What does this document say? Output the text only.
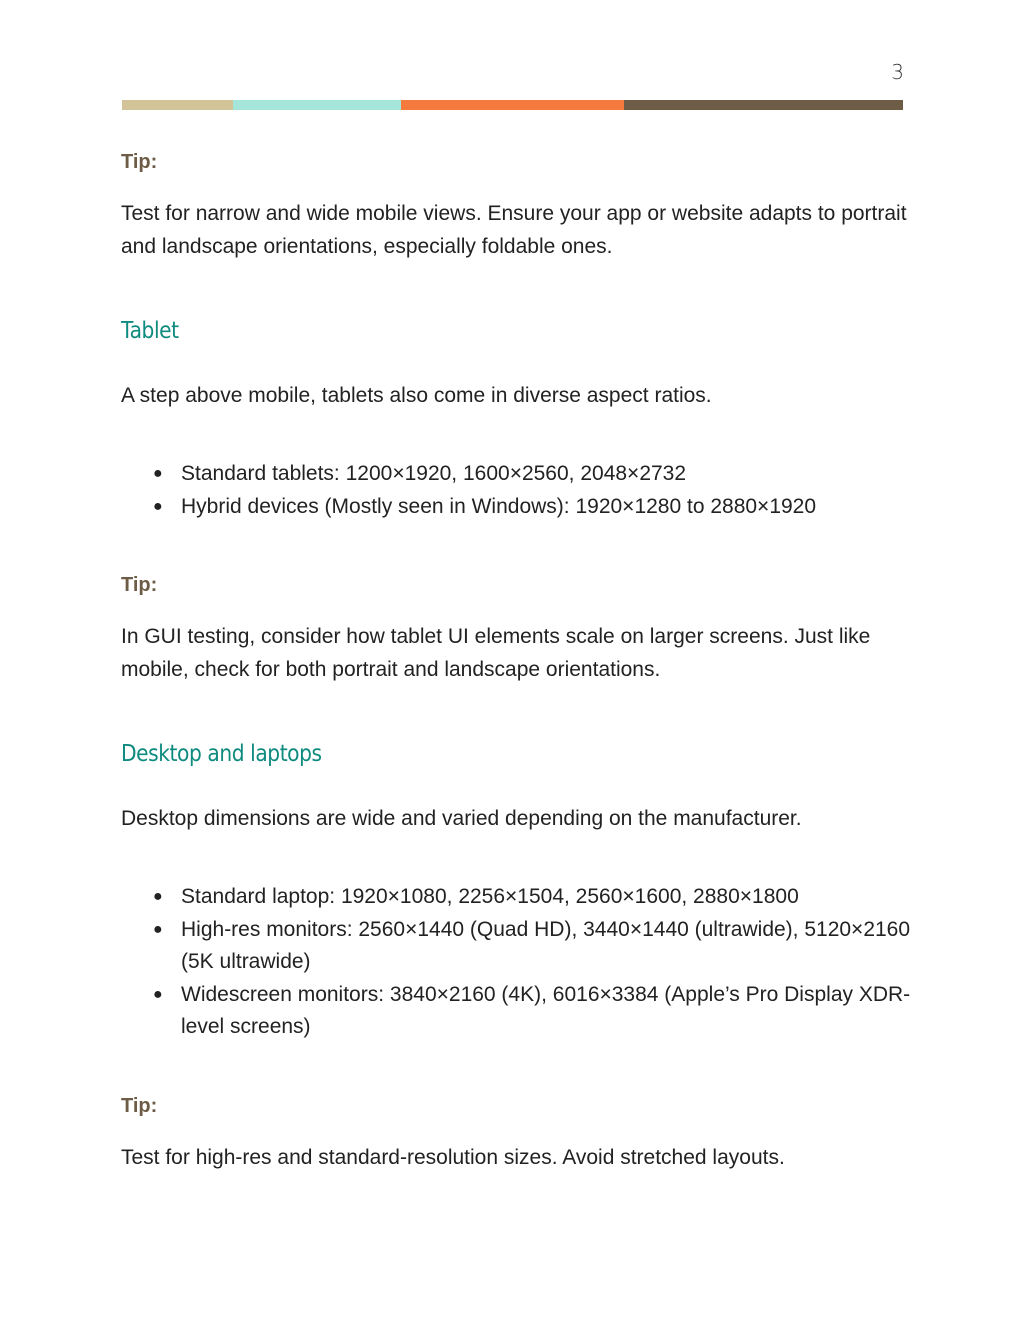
3
Tip:

Test for narrow and wide mobile views. Ensure your app or website adapts to portrait and landscape orientations, especially foldable ones.

Tablet

A step above mobile, tablets also come in diverse aspect ratios.

● Standard tablets: 1200×1920, 1600×2560, 2048×2732
● Hybrid devices (Mostly seen in Windows): 1920×1280 to 2880×1920
Tip:

In GUI testing, consider how tablet UI elements scale on larger screens. Just like mobile, check for both portrait and landscape orientations.

Desktop and laptops

Desktop dimensions are wide and varied depending on the manufacturer.

● Standard laptop: 1920×1080, 2256×1504, 2560×1600, 2880×1800
● High-res monitors: 2560×1440 (Quad HD), 3440×1440 (ultrawide), 5120×2160 (5K ultrawide)
● Widescreen monitors: 3840×2160 (4K), 6016×3384 (Apple’s Pro Display XDR-level screens)
Tip:

Test for high-res and standard-resolution sizes. Avoid stretched layouts.
